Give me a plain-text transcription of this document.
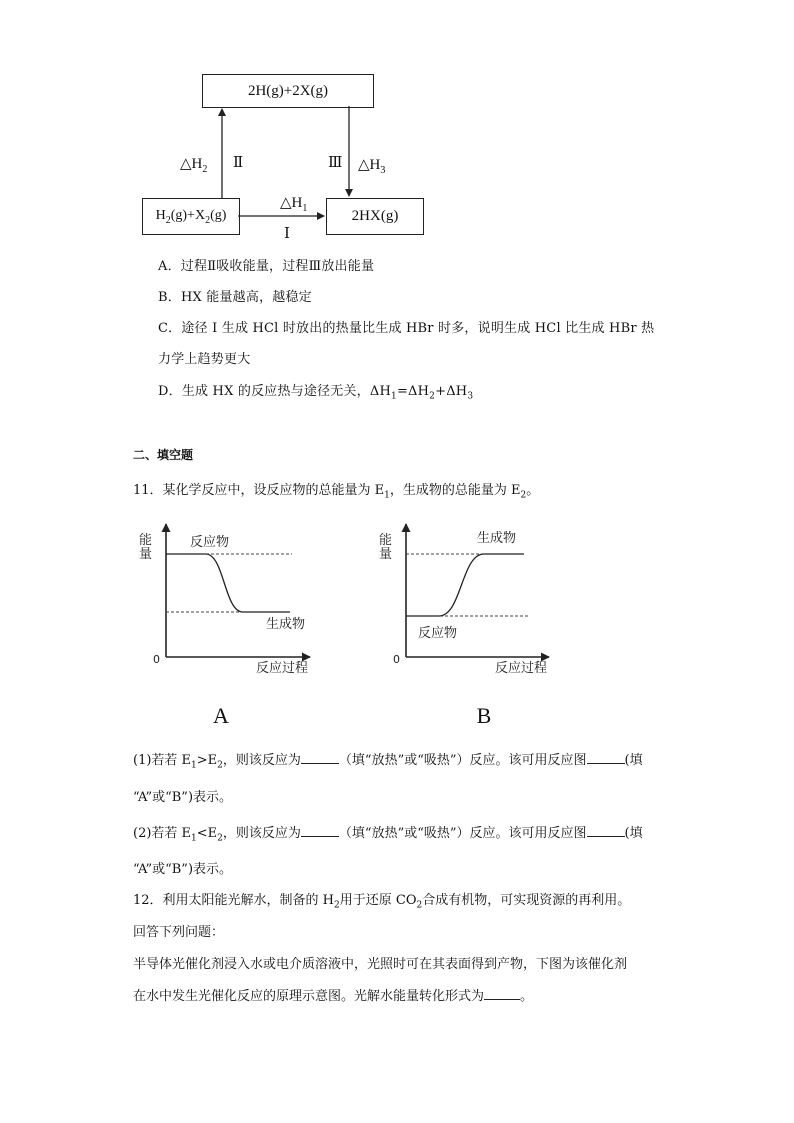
2H(g)+2X(g)
$H_2(g)+X_2(g)$	2HX(g)
$\triangle H_2$ Ⅱ	Ⅲ $\triangle H_3$
$\triangle H_1$
Ⅰ
A．过程Ⅱ吸收能量，过程Ⅲ放出能量
B．HX 能量越高，越稳定
C．途径 I 生成 HCl 时放出的热量比生成 HBr 时多，说明生成 HCl 比生成 HBr 热
力学上趋势更大
D．生成 HX 的反应热与途径无关，$\Delta H_1=\Delta H_2+\Delta H_3$
二、填空题
11．某化学反应中，设反应物的总能量为 $E_1$，生成物的总能量为 $E_2$。
能
量
0
反应过程
反应物
生成物
A
能
量
0
反应过程
生成物
反应物
B
(1)若若 $E_1>E_2$，则该反应为	（填“放热”或“吸热”）反应。该可用反应图	(填
“A”或“B”)表示。
(2)若若 $E_1<E_2$，则该反应为	（填“放热”或“吸热”）反应。该可用反应图	(填
“A”或“B”)表示。
12．利用太阳能光解水，制备的 $H_2$用于还原 $CO_2$合成有机物，可实现资源的再利用。
回答下列问题：
半导体光催化剂浸入水或电介质溶液中，光照时可在其表面得到产物，下图为该催化剂
在水中发生光催化反应的原理示意图。光解水能量转化形式为	。
